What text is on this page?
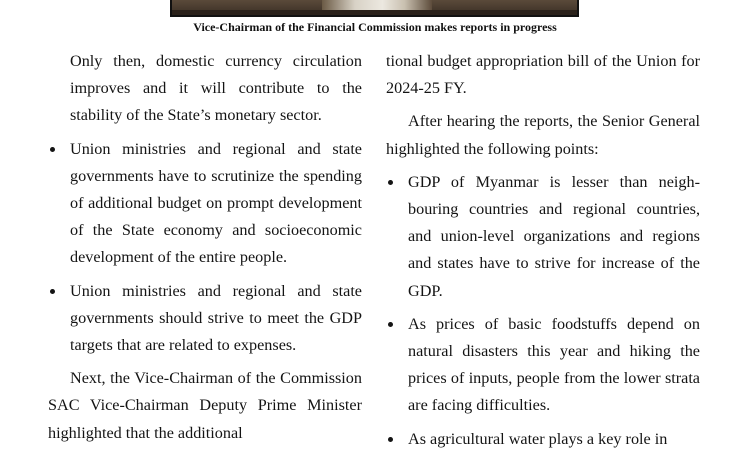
Vice-Chairman of the Financial Commission makes reports in progress

Only then, domestic currency circulation improves and it will contribute to the stability of the State’s monetary sector.

Union ministries and regional and state governments have to scrutinize the spending of additional budget on prompt development of the State economy and socioeconomic development of the entire people.
Union ministries and regional and state governments should strive to meet the GDP targets that are related to expenses.

Next, the Vice-Chairman of the Commission SAC Vice-Chairman Deputy Prime Minister highlighted that the additional

tional budget appropriation bill of the Union for 2024-25 FY.

After hearing the reports, the Senior General highlighted the following points:

GDP of Myanmar is lesser than neighbouring countries and regional countries, and union-level organizations and regions and states have to strive for increase of the GDP.
As prices of basic foodstuffs depend on natural disasters this year and hiking the prices of inputs, people from the lower strata are facing difficulties.
As agricultural water plays a key role in
